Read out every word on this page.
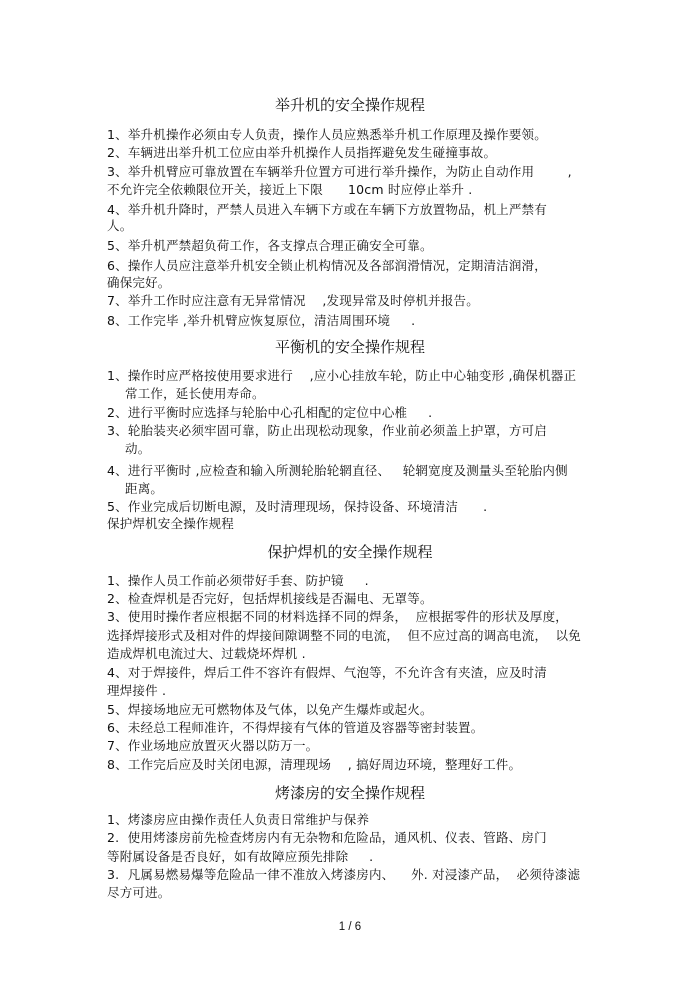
举升机的安全操作规程
1、举升机操作必须由专人负责，操作人员应熟悉举升机工作原理及操作要领。
2、车辆进出举升机工位应由举升机操作人员指挥避免发生碰撞事故。
3、举升机臂应可靠放置在车辆举升位置方可进行举升操作，为防止自动作用        ,
不允许完全依赖限位开关，接近上下限      10cm 时应停止举升 .
4、举升机升降时，严禁人员进入车辆下方或在车辆下方放置物品，机上严禁有
人。
5、举升机严禁超负荷工作，各支撑点合理正确安全可靠。
6、操作人员应注意举升机安全锁止机构情况及各部润滑情况，定期清洁润滑，
确保完好。
7、举升工作时应注意有无异常情况    ,发现异常及时停机并报告。
8、工作完毕 ,举升机臂应恢复原位，清洁周围环境     .
平衡机的安全操作规程
1、操作时应严格按使用要求进行    ,应小心挂放车轮，防止中心轴变形 ,确保机器正
常工作，延长使用寿命。
2、进行平衡时应选择与轮胎中心孔相配的定位中心椎     .
3、轮胎装夹必须牢固可靠，防止出现松动现象，作业前必须盖上护罩，方可启
动。
4、进行平衡时 ,应检查和输入所测轮胎轮辋直径、   轮辋宽度及测量头至轮胎内侧
距离。
5、作业完成后切断电源，及时清理现场，保持设备、环境清洁      .
保护焊机安全操作规程
保护焊机的安全操作规程
1、操作人员工作前必须带好手套、防护镜     .
2、检查焊机是否完好，包括焊机接线是否漏电、无罩等。
3、使用时操作者应根据不同的材料选择不同的焊条，  应根据零件的形状及厚度，
选择焊接形式及相对件的焊接间隙调整不同的电流，  但不应过高的调高电流，  以免
造成焊机电流过大、过载烧坏焊机 .
4、对于焊接件，焊后工件不容许有假焊、气泡等，不允许含有夹渣，应及时清
理焊接件 .
5、焊接场地应无可燃物体及气体，以免产生爆炸或起火。
6、未经总工程师准许，不得焊接有气体的管道及容器等密封装置。
7、作业场地应放置灭火器以防万一。
8、工作完后应及时关闭电源，清理现场    , 搞好周边环境，整理好工件。
烤漆房的安全操作规程
1、烤漆房应由操作责任人负责日常维护与保养
2.  使用烤漆房前先检查烤房内有无杂物和危险品，通风机、仪表、管路、房门
等附属设备是否良好，如有故障应预先排除     .
3.  凡属易燃易爆等危险品一律不准放入烤漆房内、    外. 对浸漆产品，  必须待漆滤
尽方可进。
1 / 6
